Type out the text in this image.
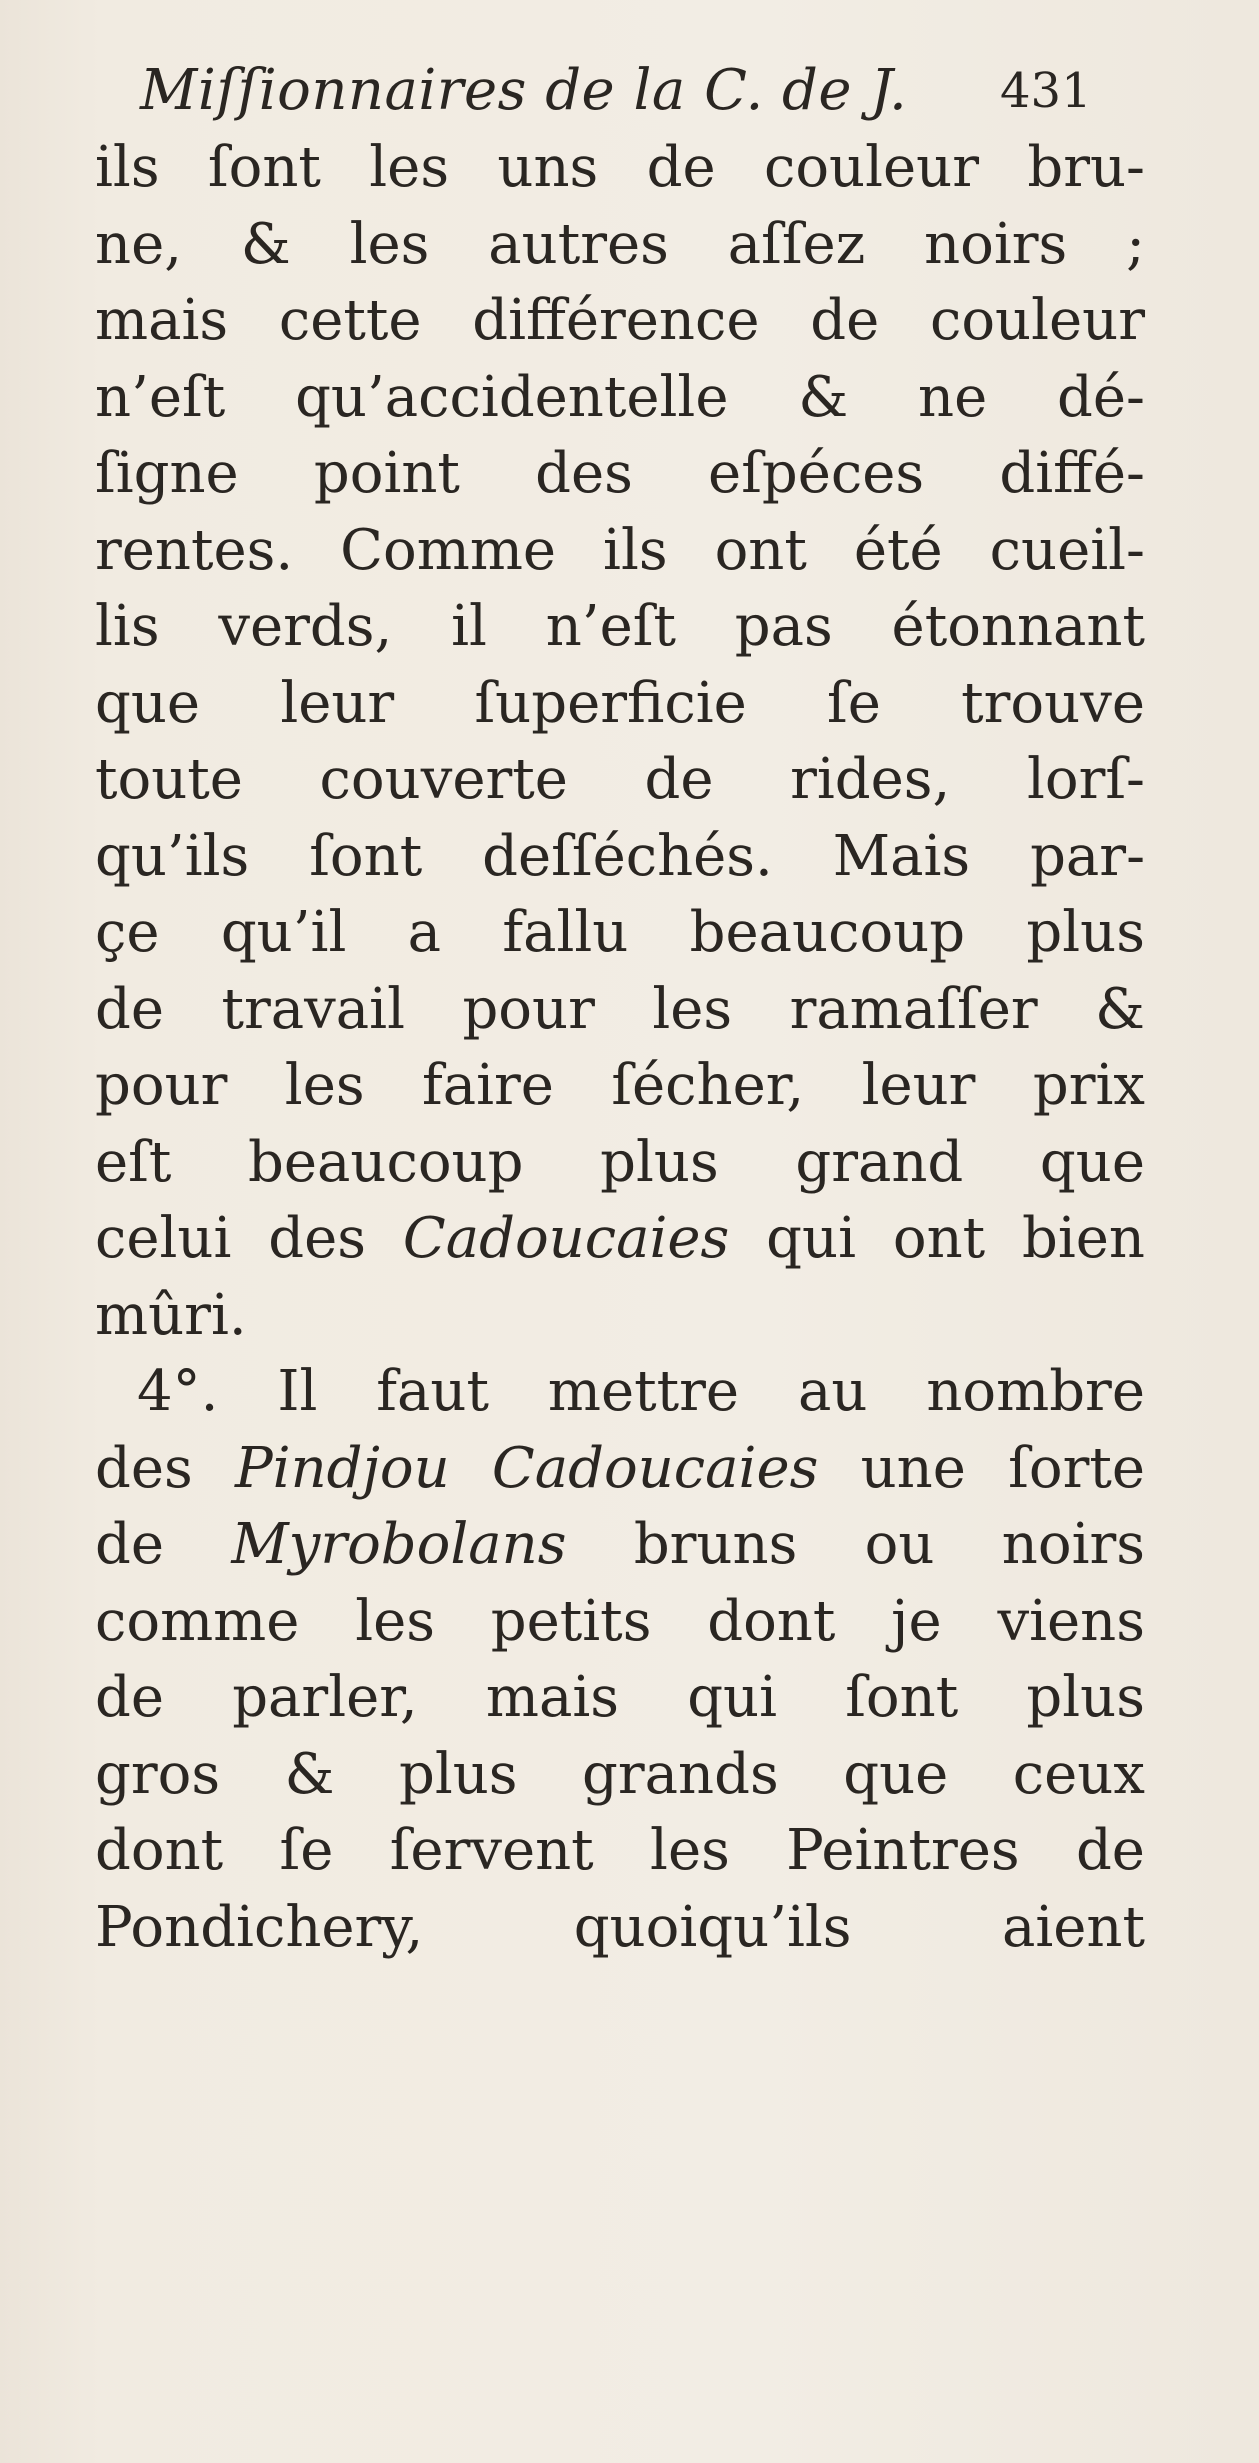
Miſſionnaires de la C. de J. 431
ils ſont les uns de couleur bru-
ne, & les autres aſſez noirs ;
mais cette différence de couleur
n’eſt qu’accidentelle & ne dé-
ſigne point des eſpéces diffé-
rentes. Comme ils ont été cueil-
lis verds, il n’eſt pas étonnant
que leur ſuperficie ſe trouve
toute couverte de rides, lorſ-
qu’ils ſont deſſéchés. Mais par-
çe qu’il a fallu beaucoup plus
de travail pour les ramaſſer &
pour les faire ſécher, leur prix
eſt beaucoup plus grand que
celui des Cadoucaies qui ont bien
mûri.
4°. Il faut mettre au nombre
des Pindjou Cadoucaies une ſorte
de Myrobolans bruns ou noirs
comme les petits dont je viens
de parler, mais qui ſont plus
gros & plus grands que ceux
dont ſe ſervent les Peintres de
Pondichery,	quoiqu’ils	aient
